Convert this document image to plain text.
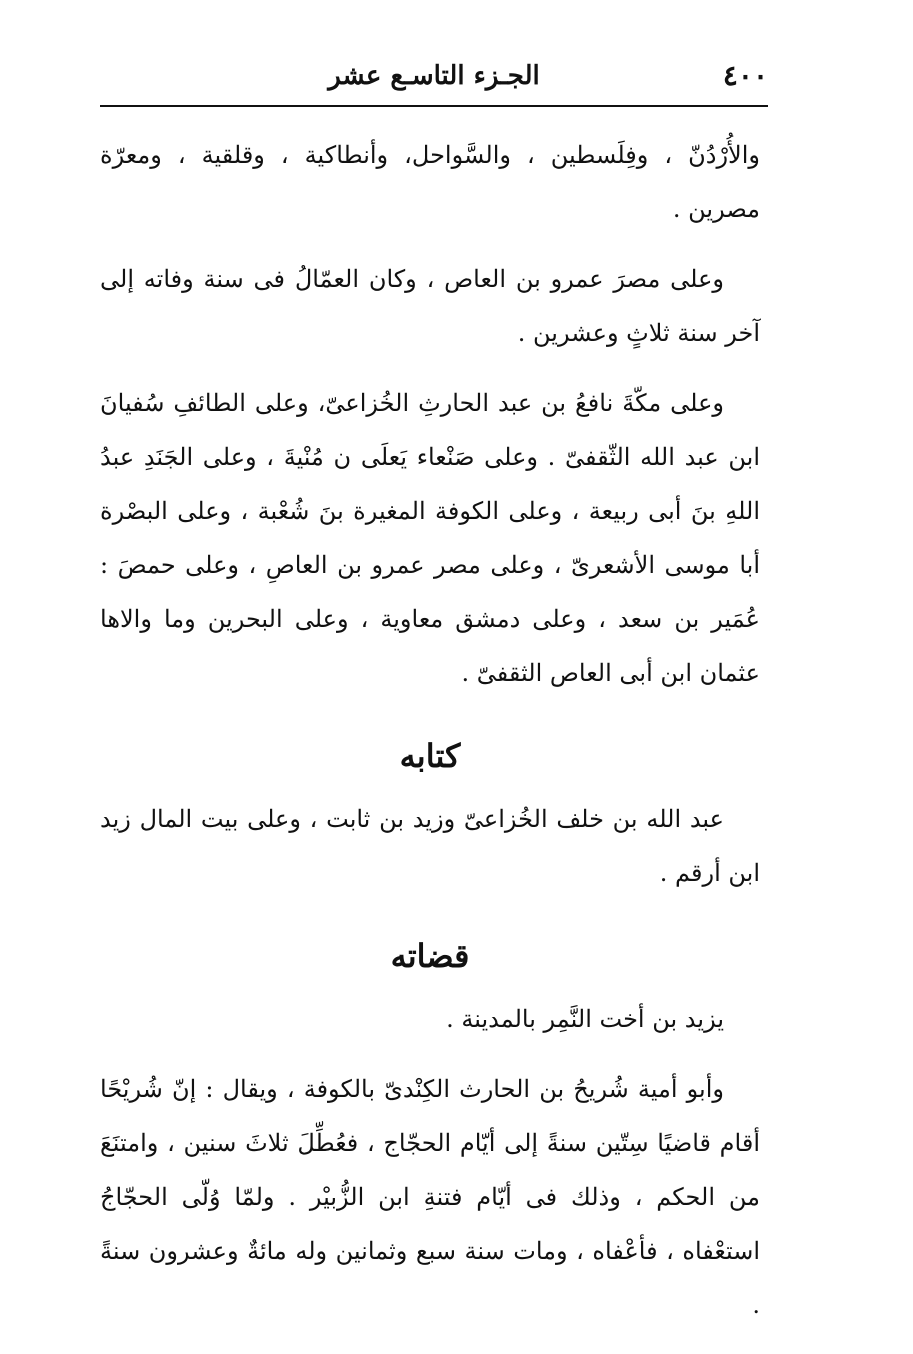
٤٠٠
الجـزء التاسـع عشر

والأُرْدُنّ ، وفِلَسطين ، والسَّواحل، وأنطاكية ، وقلقية ، ومعرّة مصرين .

وعلى مصرَ عمرو بن العاص ، وكان العمّالُ فى سنة وفاته إلى آخر سنة ثلاثٍ وعشرين .

وعلى مكّةَ نافعُ بن عبد الحارثِ الخُزاعىّ، وعلى الطائفِ سُفيانَ ابن عبد الله الثّقفىّ . وعلى صَنْعاء يَعلَى ن مُنْيةَ ، وعلى الجَنَدِ عبدُ اللهِ بنَ أبى ربيعة ، وعلى الكوفة المغيرة بنَ شُعْبة ، وعلى البصْرة أبا موسى الأشعرىّ ، وعلى مصر عمرو بن العاصِ ، وعلى حمصَ : عُمَير بن سعد ، وعلى دمشق معاوية ، وعلى البحرين وما والاها عثمان ابن أبى العاص الثقفىّ .

كتابه

عبد الله بن خلف الخُزاعىّ وزيد بن ثابت ، وعلى بيت المال زيد ابن أرقم .

قضاته

يزيد بن أخت النَّمِر بالمدينة .

وأبو أمية شُريحُ بن الحارث الكِنْدىّ بالكوفة ، ويقال : إنّ شُريْحًا أقام قاضيًا سِتّين سنةً إلى أيّام الحجّاج ، فعُطِّلَ ثلاثَ سنين ، وامتنَعَ من الحكم ، وذلك فى أيّام فتنةِ ابن الزُّبيْر . ولمّا وُلّى الحجّاجُ استعْفاه ، فأعْفاه ، ومات سنة سبع وثمانين وله مائةٌ وعشرون سنةً .
